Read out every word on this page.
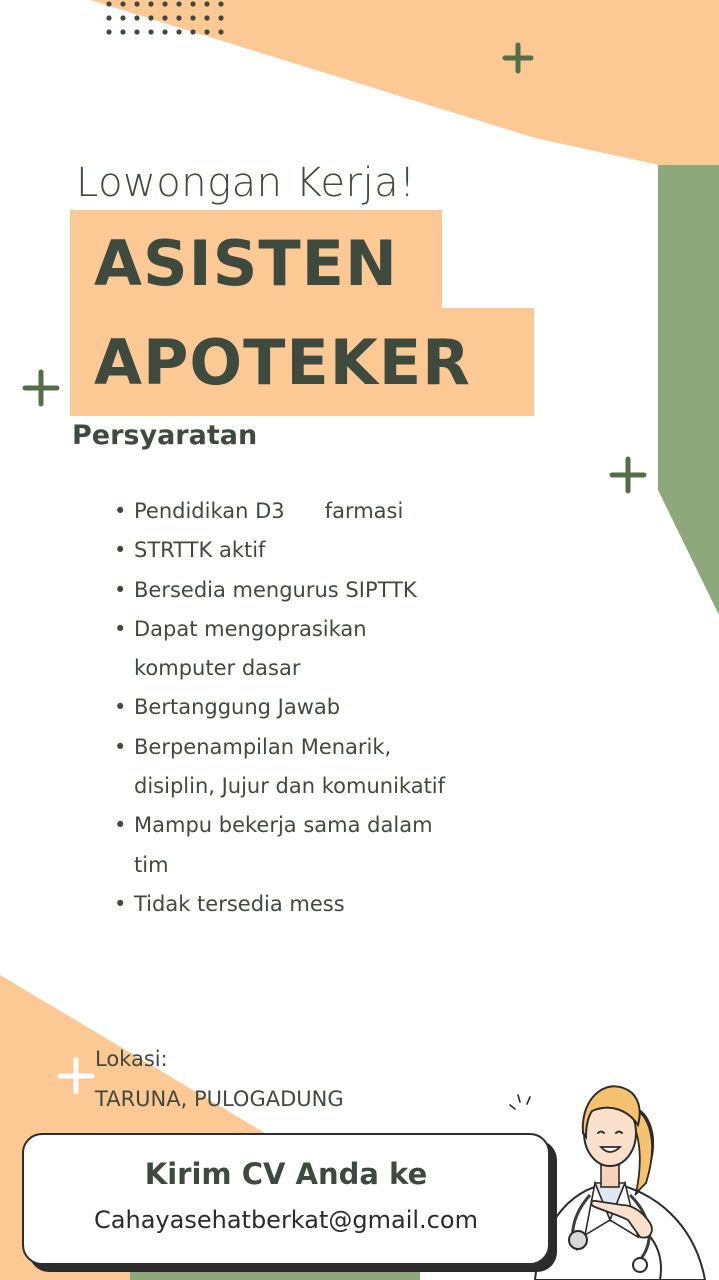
Lowongan Kerja!
ASISTEN
APOTEKER
Persyaratan
• Pendidikan D3      farmasi
• STRTTK aktif
• Bersedia mengurus SIPTTK
• Dapat mengoprasikan komputer dasar
• Bertanggung Jawab
• Berpenampilan Menarik, disiplin, Jujur dan komunikatif
• Mampu bekerja sama dalam tim
• Tidak tersedia mess
Lokasi:
TARUNA, PULOGADUNG
Kirim CV Anda ke
Cahayasehatberkat@gmail.com
